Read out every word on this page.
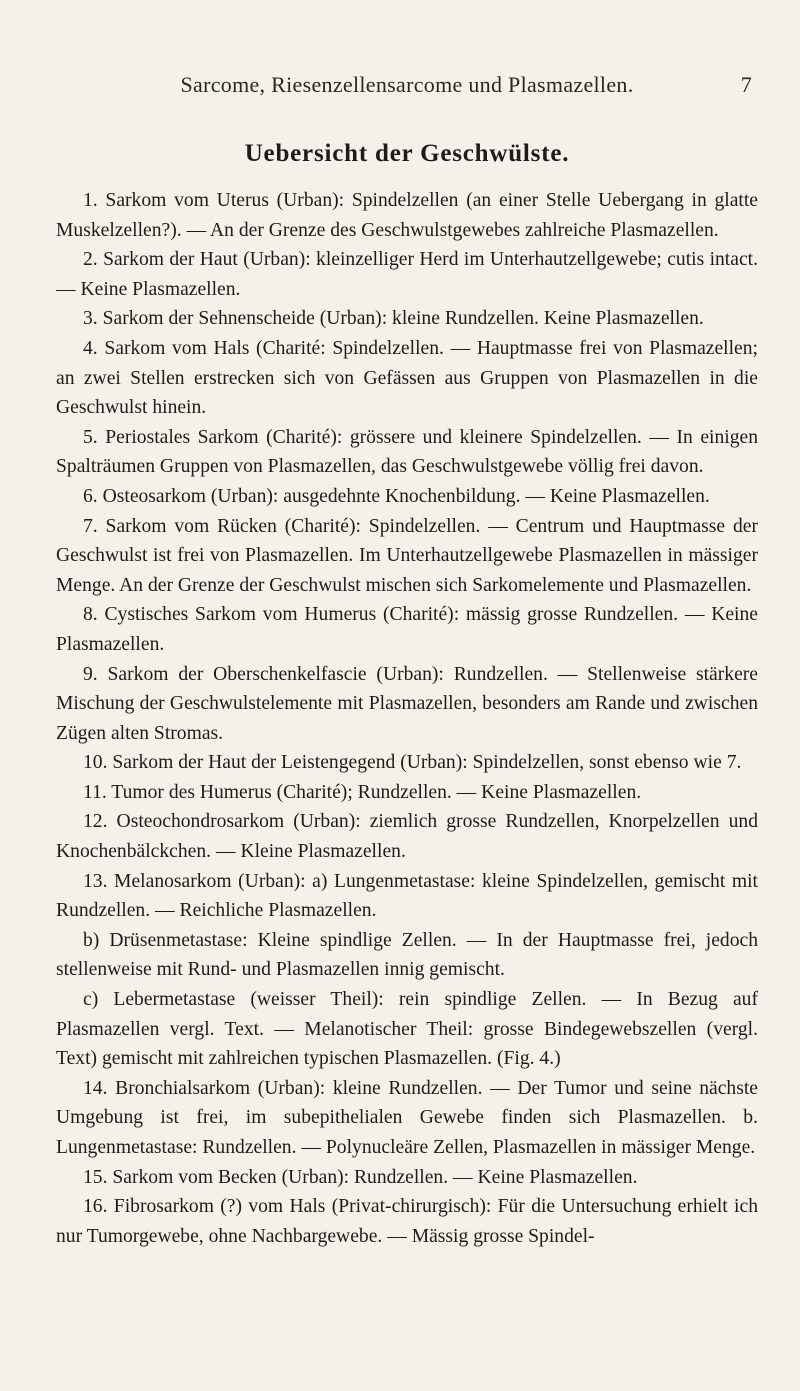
Sarcome, Riesenzellensarcome und Plasmazellen.	7
Uebersicht der Geschwülste.

1. Sarkom vom Uterus (Urban): Spindelzellen (an einer Stelle Uebergang in glatte Muskelzellen?). — An der Grenze des Geschwulstgewebes zahlreiche Plasmazellen.

2. Sarkom der Haut (Urban): kleinzelliger Herd im Unterhautzellgewebe; cutis intact. — Keine Plasmazellen.

3. Sarkom der Sehnenscheide (Urban): kleine Rundzellen. Keine Plasmazellen.

4. Sarkom vom Hals (Charité: Spindelzellen. — Hauptmasse frei von Plasmazellen; an zwei Stellen erstrecken sich von Gefässen aus Gruppen von Plasmazellen in die Geschwulst hinein.

5. Periostales Sarkom (Charité): grössere und kleinere Spindelzellen. — In einigen Spalträumen Gruppen von Plasmazellen, das Geschwulstgewebe völlig frei davon.

6. Osteosarkom (Urban): ausgedehnte Knochenbildung. — Keine Plasmazellen.

7. Sarkom vom Rücken (Charité): Spindelzellen. — Centrum und Hauptmasse der Geschwulst ist frei von Plasmazellen. Im Unterhautzellgewebe Plasmazellen in mässiger Menge. An der Grenze der Geschwulst mischen sich Sarkomelemente und Plasmazellen.

8. Cystisches Sarkom vom Humerus (Charité): mässig grosse Rundzellen. — Keine Plasmazellen.

9. Sarkom der Oberschenkelfascie (Urban): Rundzellen. — Stellenweise stärkere Mischung der Geschwulstelemente mit Plasmazellen, besonders am Rande und zwischen Zügen alten Stromas.

10. Sarkom der Haut der Leistengegend (Urban): Spindelzellen, sonst ebenso wie 7.

11. Tumor des Humerus (Charité); Rundzellen. — Keine Plasmazellen.

12. Osteochondrosarkom (Urban): ziemlich grosse Rundzellen, Knorpelzellen und Knochenbälckchen. — Kleine Plasmazellen.

13. Melanosarkom (Urban): a) Lungenmetastase: kleine Spindelzellen, gemischt mit Rundzellen. — Reichliche Plasmazellen.

b) Drüsenmetastase: Kleine spindlige Zellen. — In der Hauptmasse frei, jedoch stellenweise mit Rund- und Plasmazellen innig gemischt.

c) Lebermetastase (weisser Theil): rein spindlige Zellen. — In Bezug auf Plasmazellen vergl. Text. — Melanotischer Theil: grosse Bindegewebszellen (vergl. Text) gemischt mit zahlreichen typischen Plasmazellen. (Fig. 4.)

14. Bronchialsarkom (Urban): kleine Rundzellen. — Der Tumor und seine nächste Umgebung ist frei, im subepithelialen Gewebe finden sich Plasmazellen. b. Lungenmetastase: Rundzellen. — Polynucleäre Zellen, Plasmazellen in mässiger Menge.

15. Sarkom vom Becken (Urban): Rundzellen. — Keine Plasmazellen.

16. Fibrosarkom (?) vom Hals (Privat-chirurgisch): Für die Untersuchung erhielt ich nur Tumorgewebe, ohne Nachbargewebe. — Mässig grosse Spindel-
